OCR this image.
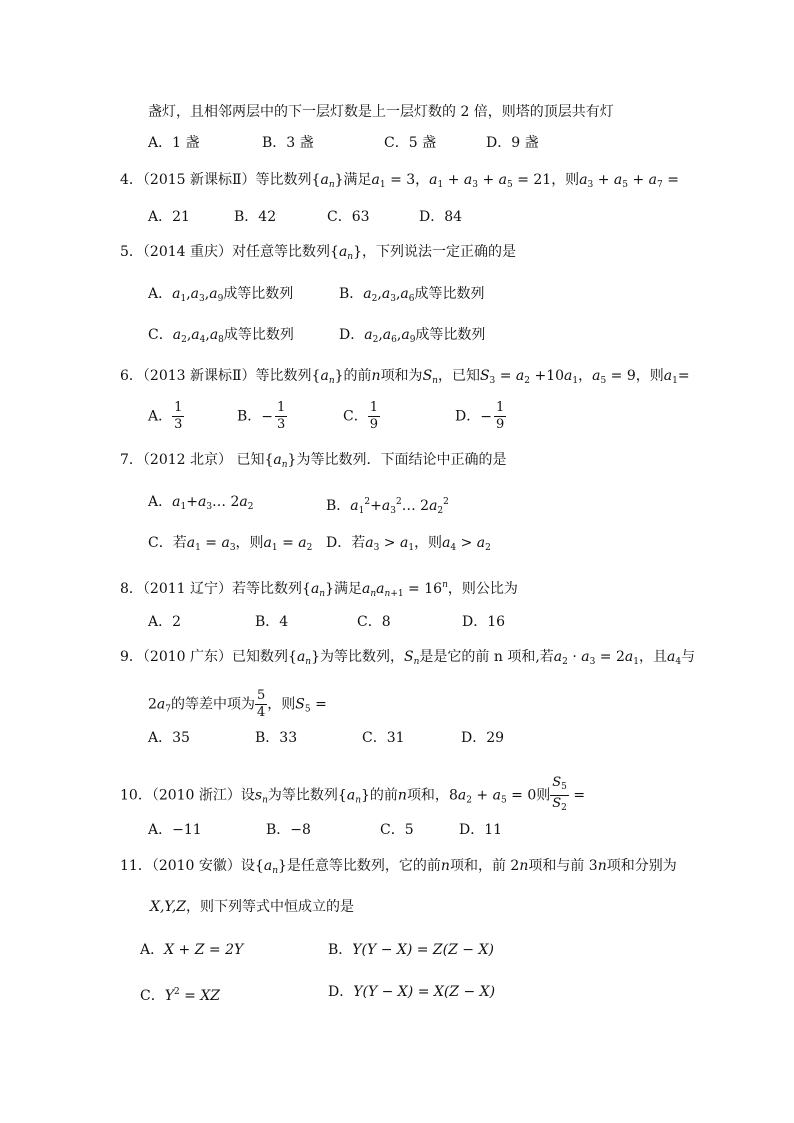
盏灯，且相邻两层中的下一层灯数是上一层灯数的 2 倍，则塔的顶层共有灯
A．1 盏	B．3 盏	C．5 盏	D．9 盏
4．（2015 新课标Ⅱ）等比数列$\{a_n\}$满足$a_1 = 3$，$a_1 + a_3 + a_5 = 21$，则$a_3 + a_5 + a_7$ =
A．21	B．42	C．63	D．84
5．（2014 重庆）对任意等比数列$\{a_n\}$，下列说法一定正确的是
A．$a_1,a_3,a_9$成等比数列	B．$a_2,a_3,a_6$成等比数列
C．$a_2,a_4,a_8$成等比数列	D．$a_2,a_6,a_9$成等比数列
6．（2013 新课标Ⅱ）等比数列$\{a_n\}$的前n项和为$S_n$，已知$S_3 = a_2 +10a_1$，$a_5 = 9$，则$a_1=$
A． $\frac{1}{3}$	B．− $\frac{1}{3}$	C． $\frac{1}{9}$	D．− $\frac{1}{9}$
7．（2012 北京） 已知$\{a_n\}$为等比数列．下面结论中正确的是
A．$a_1+a_3\dots$ $2a_2$	B．$a_1^2+a_3^2\dots$ $2a_2^2$
C．若$a_1 = a_3$，则$a_1 = a_2$ D．若$a_3 > a_1$，则$a_4 > a_2$
8．（2011 辽宁）若等比数列$\{a_n\}$满足$a_na_{n+1} = 16^n$，则公比为
A．2	B．4	C．8	D．16
9．（2010 广东）已知数列$\{a_n\}$为等比数列，$S_n$是是它的前 n 项和,若$a_2 \cdot a_3 = 2a_1$，且$a_4$与
$2a_7$的等差中项为 $\frac{5}{4}$ ，则$S_5$ =
A．35	B．33	C．31	D．29
10．（2010 浙江）设$s_n$为等比数列$\{a_n\}$的前n项和，$8a_2 + a_5 = 0$则 $\frac{S_5}{S_2}$ =
A．−11	B．−8	C．5	D．11
11．（2010 安徽）设$\{a_n\}$是任意等比数列，它的前n项和，前 2n项和与前 3n项和分别为
X,Y,Z，则下列等式中恒成立的是
A．X + Z = 2Y	B．Y(Y − X) = Z(Z − X)
C．$Y^2$ = XZ	D．Y(Y − X) = X(Z − X)
